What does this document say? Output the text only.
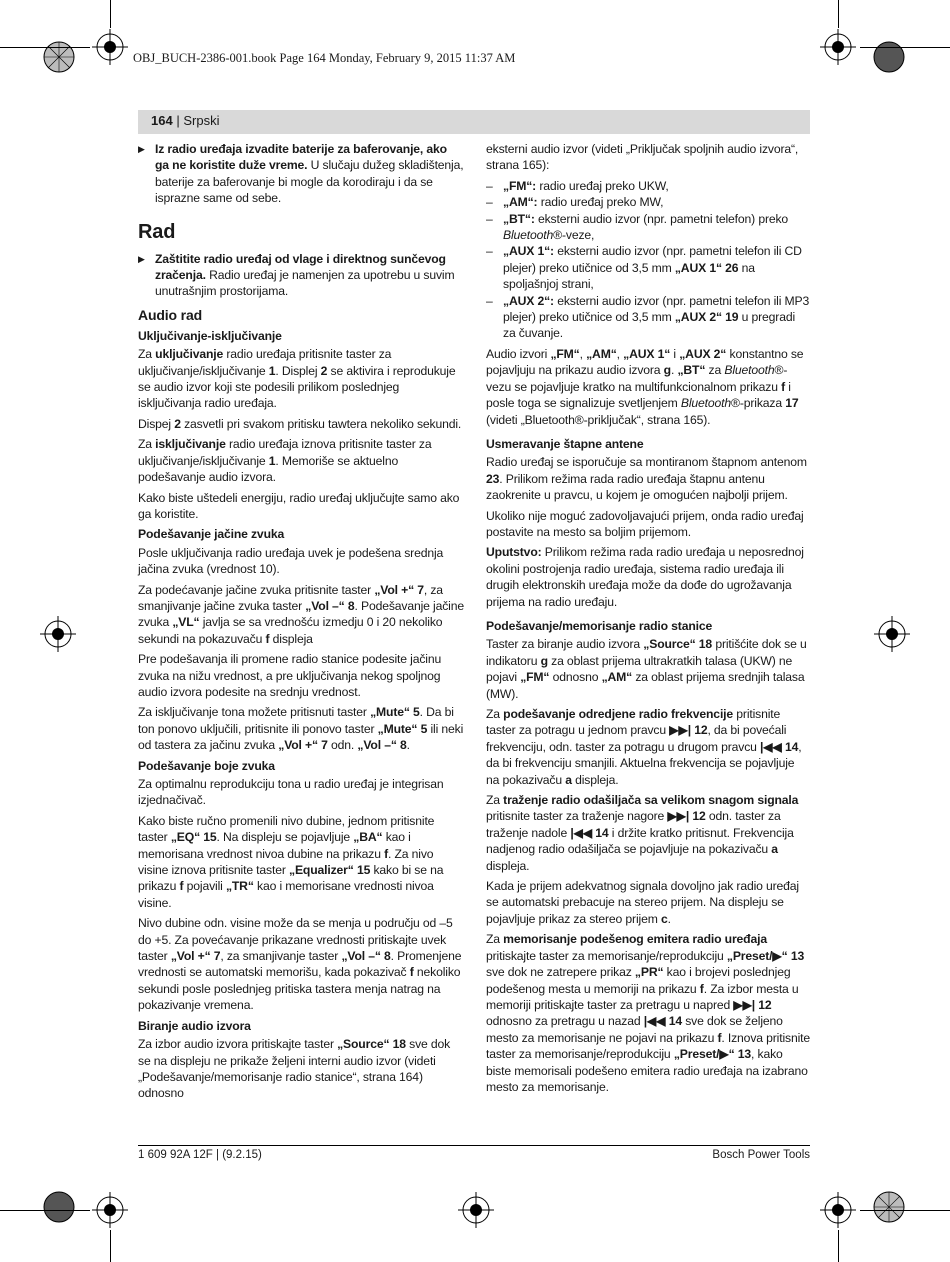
OBJ_BUCH-2386-001.book Page 164 Monday, February 9, 2015 11:37 AM
164 | Srpski
▶ Iz radio uređaja izvadite baterije za baferovanje, ako ga ne koristite duže vreme. U slučaju dužeg skladištenja, baterije za baferovanje bi mogle da korodiraju i da se isprazne same od sebe.
Rad
▶ Zaštitite radio uređaj od vlage i direktnog sunčevog zračenja. Radio uređaj je namenjen za upotrebu u suvim unutrašnjim prostorijama.
Audio rad
Uključivanje-isključivanje

Za uključivanje radio uređaja pritisnite taster za uključivanje/isključivanje 1. Displej 2 se aktivira i reprodukuje se audio izvor koji ste podesili prilikom poslednjeg isključivanja radio uređaja.

Dispej 2 zasvetli pri svakom pritisku tawtera nekoliko sekundi.

Za isključivanje radio uređaja iznova pritisnite taster za uključivanje/isključivanje 1. Memoriše se aktuelno podešavanje audio izvora.

Kako biste uštedeli energiju, radio uređaj uključujte samo ako ga koristite.

Podešavanje jačine zvuka

Posle uključivanja radio uređaja uvek je podešena srednja jačina zvuka (vrednost 10).

Za podećavanje jačine zvuka pritisnite taster „Vol +“ 7, za smanjivanje jačine zvuka taster „Vol –“ 8. Podešavanje jačine zvuka „VL“ javlja se sa vrednošću izmedju 0 i 20 nekoliko sekundi na pokazuvaču f displeja

Pre podešavanja ili promene radio stanice podesite jačinu zvuka na nižu vrednost, a pre uključivanja nekog spoljnog audio izvora podesite na srednju vrednost.

Za isključivanje tona možete pritisnuti taster „Mute“ 5. Da bi ton ponovo uključili, pritisnite ili ponovo taster „Mute“ 5 ili neki od tastera za jačinu zvuka „Vol +“ 7 odn. „Vol –“ 8.

Podešavanje boje zvuka

Za optimalnu reprodukciju tona u radio uređaj je integrisan izjednačivač.

Kako biste ručno promenili nivo dubine, jednom pritisnite taster „EQ“ 15. Na displeju se pojavljuje „BA“ kao i memorisana vrednost nivoa dubine na prikazu f. Za nivo visine iznova pritisnite taster „Equalizer“ 15 kako bi se na prikazu f pojavili „TR“ kao i memorisane vrednosti nivoa visine.

Nivo dubine odn. visine može da se menja u području od –5 do +5. Za povećavanje prikazane vrednosti pritiskajte uvek taster „Vol +“ 7, za smanjivanje taster „Vol –“ 8. Promenjene vrednosti se automatski memorišu, kada pokazivač f nekoliko sekundi posle poslednjeg pritiska tastera menja natrag na pokazivanje vremena.

Biranje audio izvora

Za izbor audio izvora pritiskajte taster „Source“ 18 sve dok se na displeju ne prikaže željeni interni audio izvor (videti „Podešavanje/memorisanje radio stanice“, strana 164) odnosno

eksterni audio izvor (videti „Priključak spoljnih audio izvora“, strana 165):

– „FM“: radio uređaj preko UKW,
– „AM“: radio uređaj preko MW,
– „BT“: eksterni audio izvor (npr. pametni telefon) preko Bluetooth®-veze,
– „AUX 1“: eksterni audio izvor (npr. pametni telefon ili CD plejer) preko utičnice od 3,5 mm „AUX 1“ 26 na spoljašnjoj strani,
– „AUX 2“: eksterni audio izvor (npr. pametni telefon ili MP3 plejer) preko utičnice od 3,5 mm „AUX 2“ 19 u pregradi za čuvanje.

Audio izvori „FM“, „AM“, „AUX 1“ i „AUX 2“ konstantno se pojavljuju na prikazu audio izvora g. „BT“ za Bluetooth®-vezu se pojavljuje kratko na multifunkcionalnom prikazu f i posle toga se signalizuje svetljenjem Bluetooth®-prikaza 17 (videti „Bluetooth®-priključak“, strana 165).

Usmeravanje štapne antene

Radio uređaj se isporučuje sa montiranom štapnom antenom 23. Prilikom režima rada radio uređaja štapnu antenu zaokrenite u pravcu, u kojem je omogućen najbolji prijem.

Ukoliko nije moguć zadovoljavajući prijem, onda radio uređaj postavite na mesto sa boljim prijemom.

Uputstvo: Prilikom režima rada radio uređaja u neposrednoj okolini postrojenja radio uređaja, sistema radio uređaja ili drugih elektronskih uređaja može da dođe do ugrožavanja prijema na radio uređaju.

Podešavanje/memorisanje radio stanice

Taster za biranje audio izvora „Source“ 18 pritišćite dok se u indikatoru g za oblast prijema ultrakratkih talasa (UKW) ne pojavi „FM“ odnosno „AM“ za oblast prijema srednjih talasa (MW).

Za podešavanje odredjene radio frekvencije pritisnite taster za potragu u jednom pravcu ▶▶| 12, da bi povećali frekvenciju, odn. taster za potragu u drugom pravcu |◀◀ 14, da bi frekvenciju smanjili. Aktuelna frekvencija se pojavljuje na pokazivaču a displeja.

Za traženje radio odašiljača sa velikom snagom signala pritisnite taster za traženje nagore ▶▶| 12 odn. taster za traženje nadole |◀◀ 14 i držite kratko pritisnut. Frekvencija nadjenog radio odašiljača se pojavljuje na pokazivaču a displeja.

Kada je prijem adekvatnog signala dovoljno jak radio uređaj se automatski prebacuje na stereo prijem. Na displeju se pojavljuje prikaz za stereo prijem c.

Za memorisanje podešenog emitera radio uređaja pritiskajte taster za memorisanje/reprodukciju „Preset/▶“ 13 sve dok ne zatrepere prikaz „PR“ kao i brojevi poslednjeg podešenog mesta u memoriji na prikazu f. Za izbor mesta u memoriji pritiskajte taster za pretragu u napred ▶▶| 12 odnosno za pretragu u nazad |◀◀ 14 sve dok se željeno mesto za memorisanje ne pojavi na prikazu f. Iznova pritisnite taster za memorisanje/reprodukciju „Preset/▶“ 13, kako biste memorisali podešeno emitera radio uređaja na izabrano mesto za memorisanje.

1 609 92A 12F | (9.2.15)	Bosch Power Tools
